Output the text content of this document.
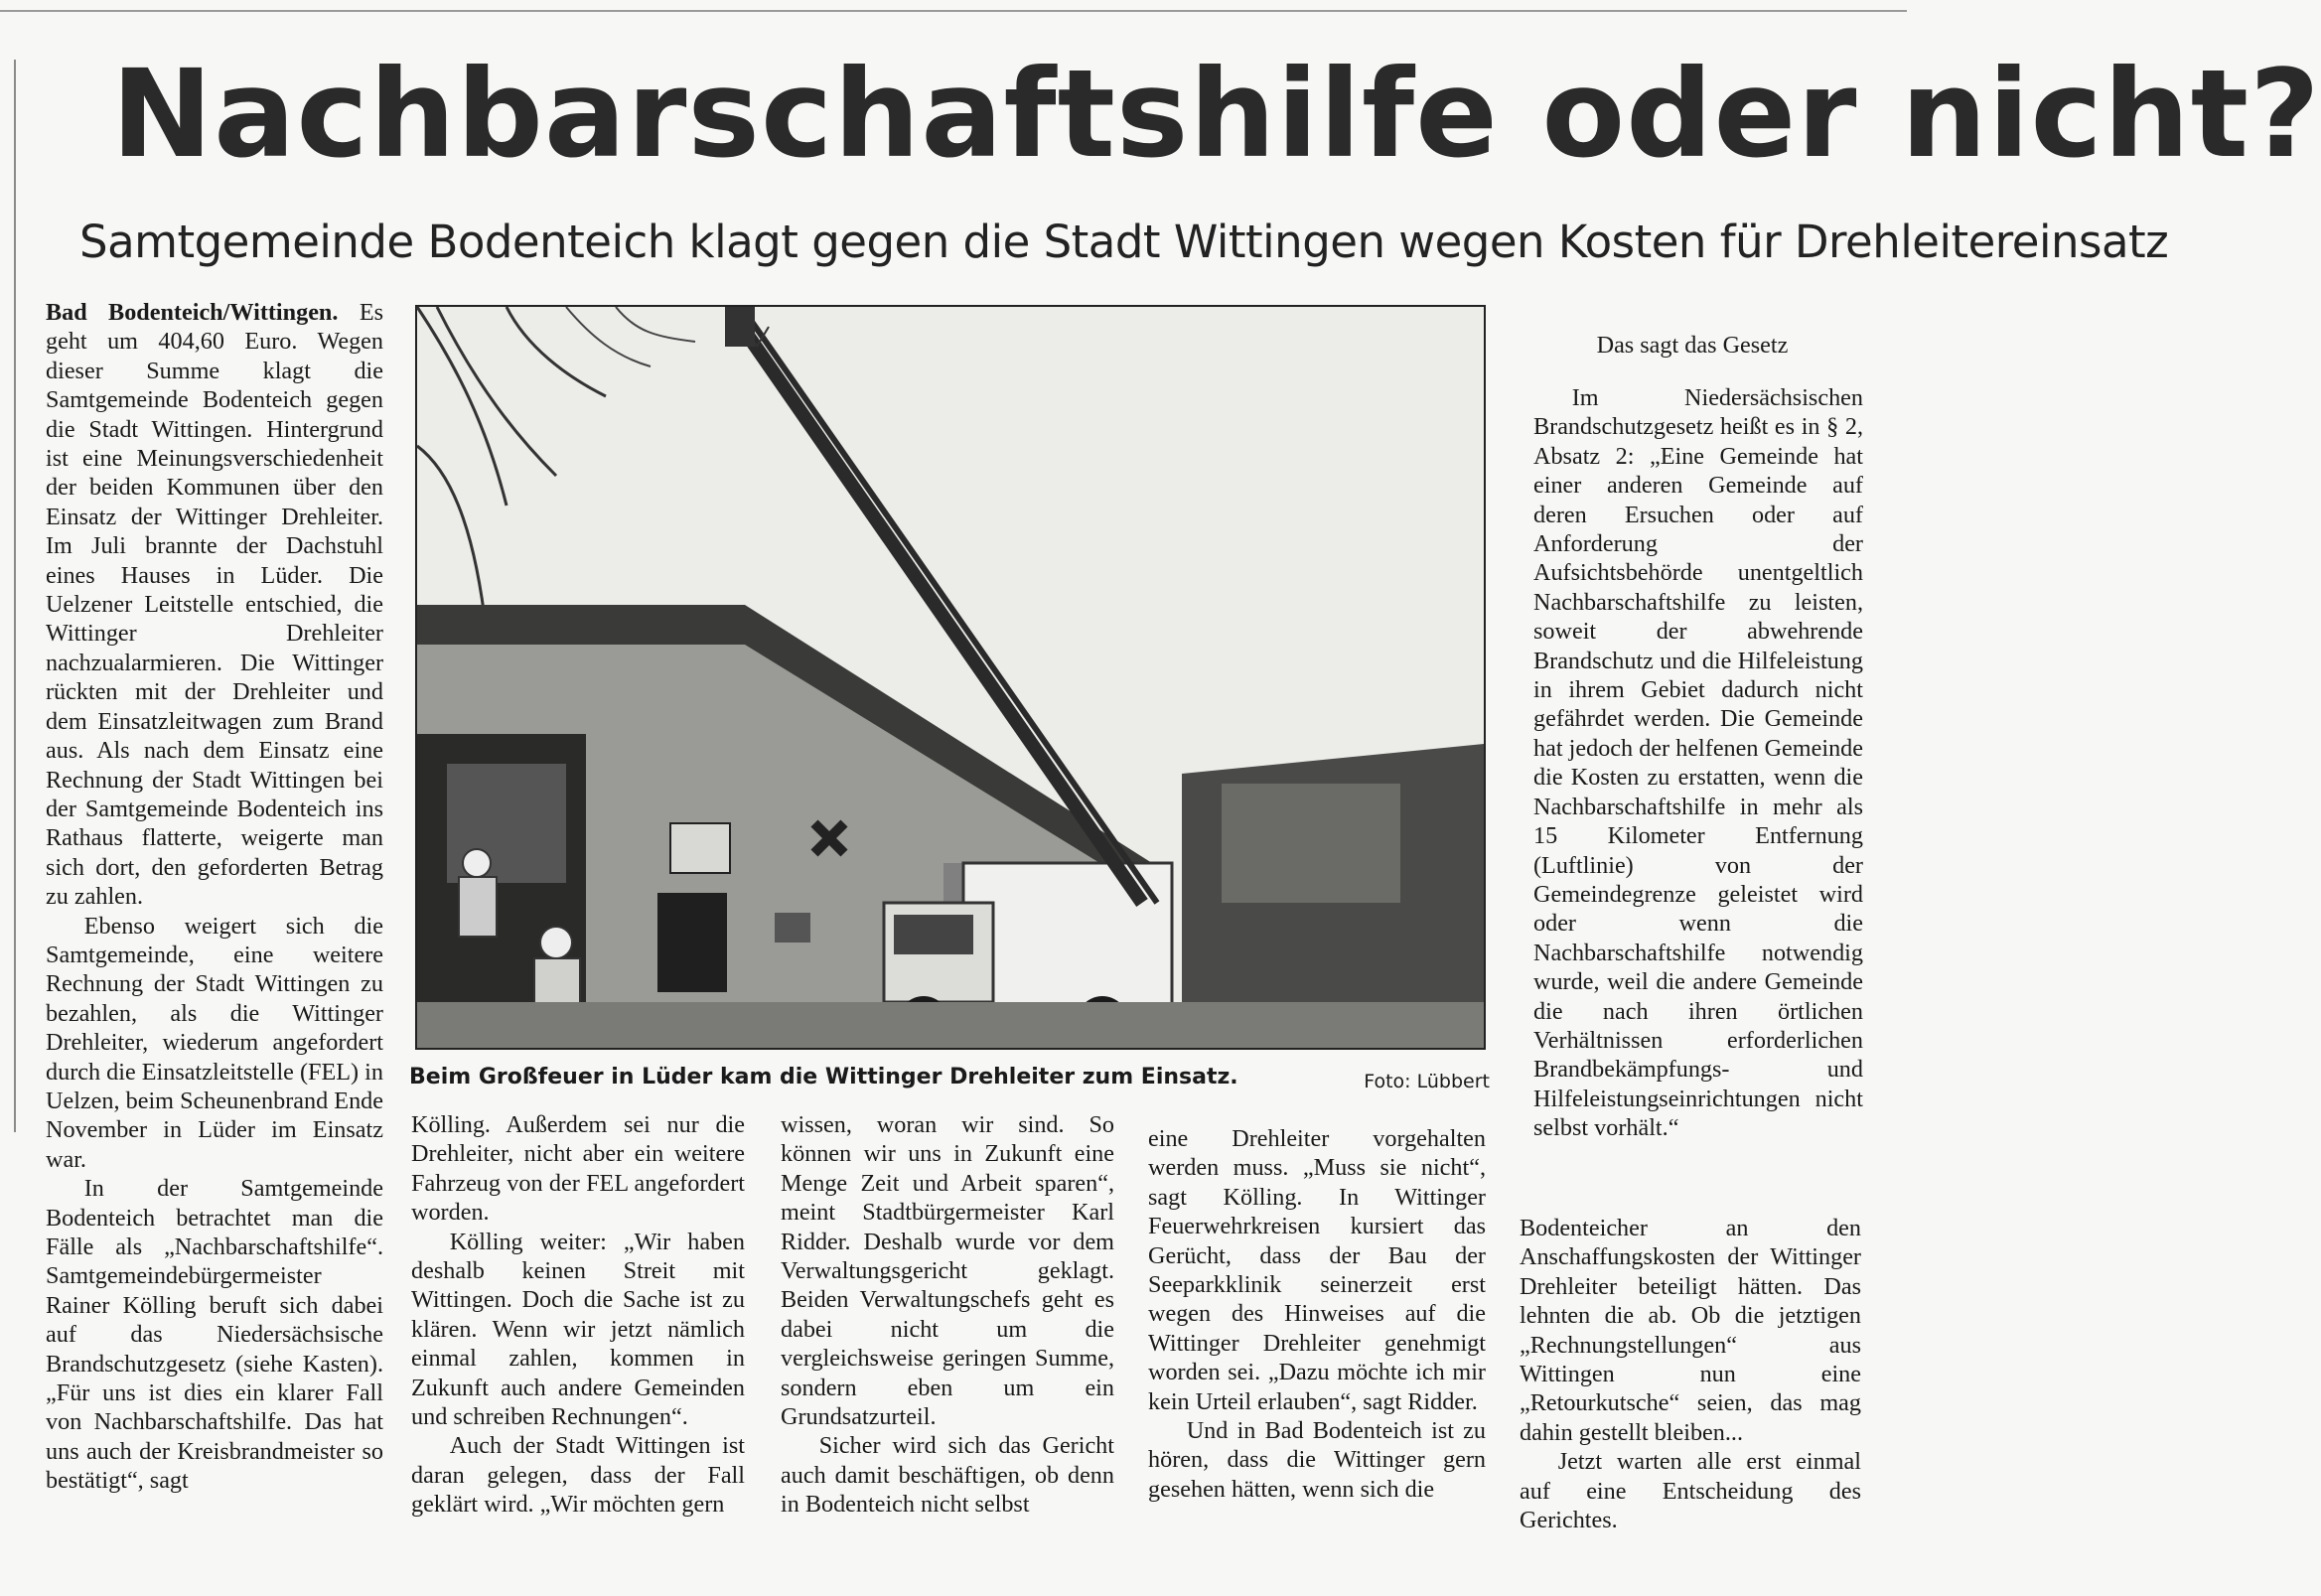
Nachbarschaftshilfe oder nicht?
Samtgemeinde Bodenteich klagt gegen die Stadt Wittingen wegen Kosten für Drehleitereinsatz

Bad Bodenteich/Wittingen. Es geht um 404,60 Euro. Wegen dieser Summe klagt die Samtgemeinde Bodenteich gegen die Stadt Wittingen. Hintergrund ist eine Meinungsverschiedenheit der beiden Kommunen über den Einsatz der Wittinger Drehleiter. Im Juli brannte der Dachstuhl eines Hauses in Lüder. Die Uelzener Leitstelle entschied, die Wittinger Drehleiter nachzualarmieren. Die Wittinger rückten mit der Drehleiter und dem Einsatzleitwagen zum Brand aus. Als nach dem Einsatz eine Rechnung der Stadt Wittingen bei der Samtgemeinde Bodenteich ins Rathaus flatterte, weigerte man sich dort, den geforderten Betrag zu zahlen.

Ebenso weigert sich die Samtgemeinde, eine weitere Rechnung der Stadt Wittingen zu bezahlen, als die Wittinger Drehleiter, wiederum angefordert durch die Einsatzleitstelle (FEL) in Uelzen, beim Scheunenbrand Ende November in Lüder im Einsatz war.

In der Samtgemeinde Bodenteich betrachtet man die Fälle als „Nachbarschaftshilfe“. Samtgemeindebürgermeister Rainer Kölling beruft sich dabei auf das Niedersächsische Brandschutzgesetz (siehe Kasten). „Für uns ist dies ein klarer Fall von Nachbarschaftshilfe. Das hat uns auch der Kreisbrandmeister so bestätigt“, sagt

Beim Großfeuer in Lüder kam die Wittinger Drehleiter zum Einsatz.	Foto: Lübbert

Kölling. Außerdem sei nur die Drehleiter, nicht aber ein weitere Fahrzeug von der FEL angefordert worden.

Kölling weiter: „Wir haben deshalb keinen Streit mit Wittingen. Doch die Sache ist zu klären. Wenn wir jetzt nämlich einmal zahlen, kommen in Zukunft auch andere Gemeinden und schreiben Rechnungen“.

Auch der Stadt Wittingen ist daran gelegen, dass der Fall geklärt wird. „Wir möchten gern

wissen, woran wir sind. So können wir uns in Zukunft eine Menge Zeit und Arbeit sparen“, meint Stadtbürgermeister Karl Ridder. Deshalb wurde vor dem Verwaltungsgericht geklagt. Beiden Verwaltungschefs geht es dabei nicht um die vergleichsweise geringen Summe, sondern eben um ein Grundsatzurteil.

Sicher wird sich das Gericht auch damit beschäftigen, ob denn in Bodenteich nicht selbst

eine Drehleiter vorgehalten werden muss. „Muss sie nicht“, sagt Kölling. In Wittinger Feuerwehrkreisen kursiert das Gerücht, dass der Bau der Seeparkklinik seinerzeit erst wegen des Hinweises auf die Wittinger Drehleiter genehmigt worden sei. „Dazu möchte ich mir kein Urteil erlauben“, sagt Ridder.

Und in Bad Bodenteich ist zu hören, dass die Wittinger gern gesehen hätten, wenn sich die

Das sagt das Gesetz

Im Niedersächsischen Brandschutzgesetz heißt es in § 2, Absatz 2: „Eine Gemeinde hat einer anderen Gemeinde auf deren Ersuchen oder auf Anforderung der Aufsichtsbehörde unentgeltlich Nachbarschaftshilfe zu leisten, soweit der abwehrende Brandschutz und die Hilfeleistung in ihrem Gebiet dadurch nicht gefährdet werden. Die Gemeinde hat jedoch der helfenen Gemeinde die Kosten zu erstatten, wenn die Nachbarschaftshilfe in mehr als 15 Kilometer Entfernung (Luftlinie) von der Gemeindegrenze geleistet wird oder wenn die Nachbarschaftshilfe notwendig wurde, weil die andere Gemeinde die nach ihren örtlichen Verhältnissen erforderlichen Brandbekämpfungs- und Hilfeleistungseinrichtungen nicht selbst vorhält.“

Bodenteicher an den Anschaffungskosten der Wittinger Drehleiter beteiligt hätten. Das lehnten die ab. Ob die jetztigen „Rechnungstellungen“ aus Wittingen nun eine „Retourkutsche“ seien, das mag dahin gestellt bleiben...

Jetzt warten alle erst einmal auf eine Entscheidung des Gerichtes.
